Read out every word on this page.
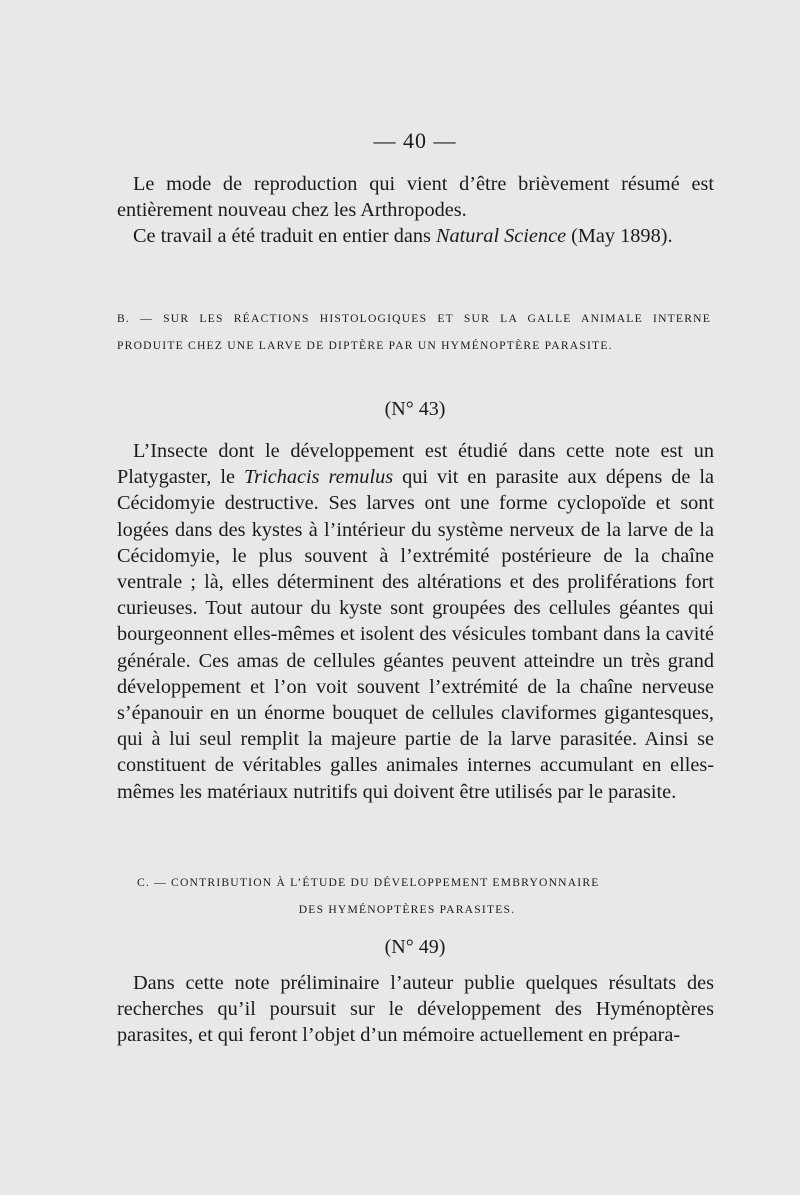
— 40 —

Le mode de reproduction qui vient d’être brièvement résumé est entièrement nouveau chez les Arthropodes.

Ce travail a été traduit en entier dans Natural Science (May 1898).

B. — SUR LES RÉACTIONS HISTOLOGIQUES ET SUR LA GALLE ANIMALE INTERNE PRODUITE CHEZ UNE LARVE DE DIPTÈRE PAR UN HYMÉNOPTÈRE PARASITE.

(N° 43)

L’Insecte dont le développement est étudié dans cette note est un Platygaster, le Trichacis remulus qui vit en parasite aux dépens de la Cécidomyie destructive. Ses larves ont une forme cyclopoïde et sont logées dans des kystes à l’intérieur du système nerveux de la larve de la Cécidomyie, le plus souvent à l’extrémité postérieure de la chaîne ventrale ; là, elles déterminent des altérations et des proliférations fort curieuses. Tout autour du kyste sont groupées des cellules géantes qui bourgeonnent elles-mêmes et isolent des vésicules tombant dans la cavité générale. Ces amas de cellules géantes peuvent atteindre un très grand développement et l’on voit souvent l’extrémité de la chaîne nerveuse s’épanouir en un énorme bouquet de cellules claviformes gigantesques, qui à lui seul remplit la majeure partie de la larve parasitée. Ainsi se constituent de véritables galles animales internes accumulant en elles-mêmes les matériaux nutritifs qui doivent être utilisés par le parasite.

C. — CONTRIBUTION À L’ÉTUDE DU DÉVELOPPEMENT EMBRYONNAIRE

DES HYMÉNOPTÈRES PARASITES.

(N° 49)

Dans cette note préliminaire l’auteur publie quelques résultats des recherches qu’il poursuit sur le développement des Hyménoptères parasites, et qui feront l’objet d’un mémoire actuellement en prépara-
